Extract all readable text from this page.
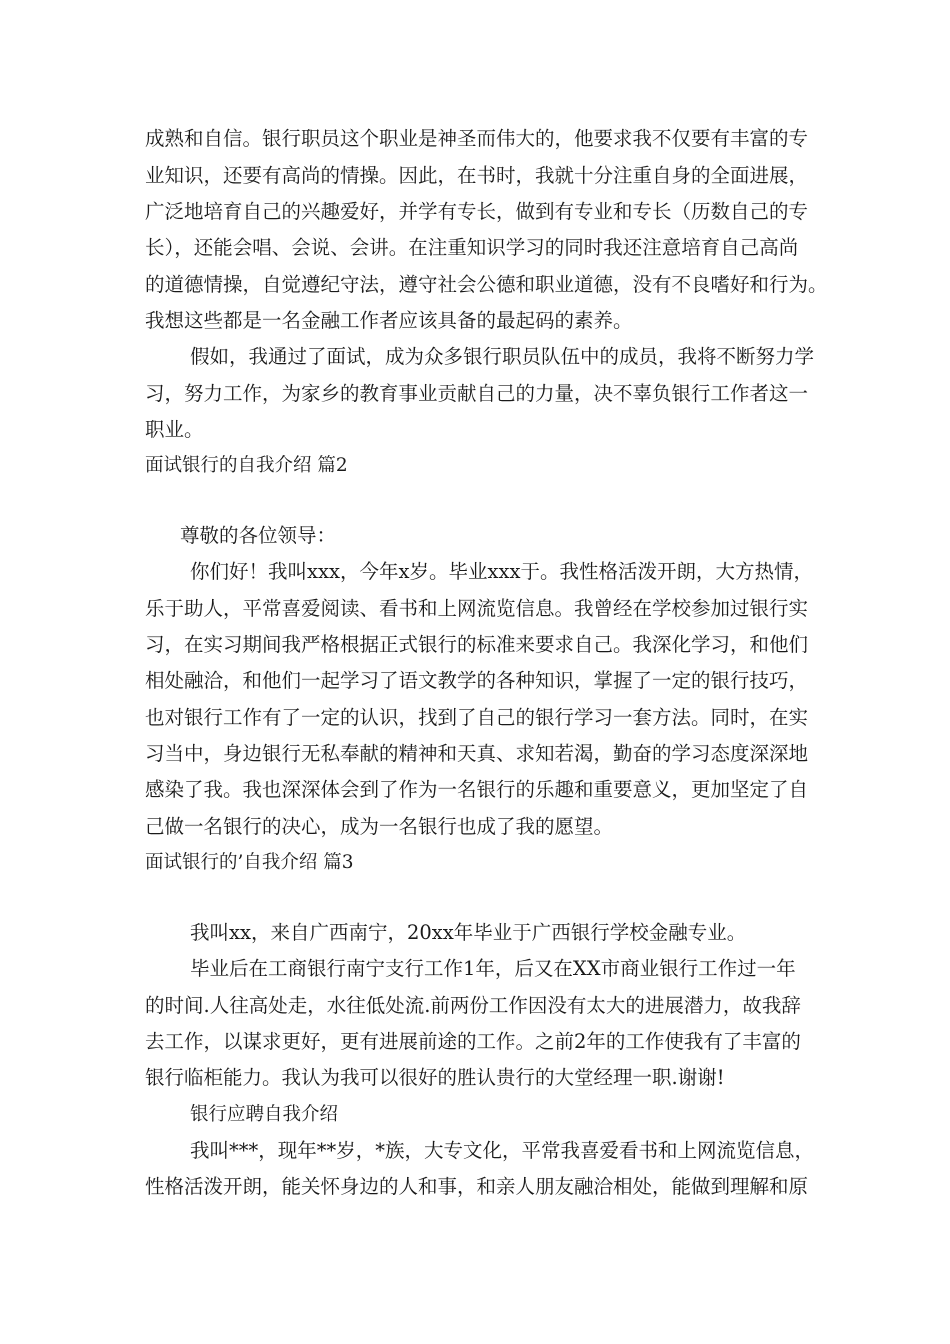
成熟和自信。银行职员这个职业是神圣而伟大的，他要求我不仅要有丰富的专
业知识，还要有高尚的情操。因此，在书时，我就十分注重自身的全面进展，
广泛地培育自己的兴趣爱好，并学有专长，做到有专业和专长（历数自己的专
长），还能会唱、会说、会讲。在注重知识学习的同时我还注意培育自己高尚
的道德情操，自觉遵纪守法，遵守社会公德和职业道德，没有不良嗜好和行为。
我想这些都是一名金融工作者应该具备的最起码的素养。
假如，我通过了面试，成为众多银行职员队伍中的成员，我将不断努力学
习，努力工作，为家乡的教育事业贡献自己的力量，决不辜负银行工作者这一
职业。
面试银行的自我介绍 篇2
尊敬的各位领导：
你们好！我叫xxx，今年x岁。毕业xxx于。我性格活泼开朗，大方热情，
乐于助人，平常喜爱阅读、看书和上网流览信息。我曾经在学校参加过银行实
习，在实习期间我严格根据正式银行的标准来要求自己。我深化学习，和他们
相处融洽，和他们一起学习了语文教学的各种知识，掌握了一定的银行技巧，
也对银行工作有了一定的认识，找到了自己的银行学习一套方法。同时，在实
习当中，身边银行无私奉献的精神和天真、求知若渴，勤奋的学习态度深深地
感染了我。我也深深体会到了作为一名银行的乐趣和重要意义，更加坚定了自
己做一名银行的决心，成为一名银行也成了我的愿望。
面试银行的’自我介绍 篇3
我叫xx，来自广西南宁，20xx年毕业于广西银行学校金融专业。
毕业后在工商银行南宁支行工作1年，后又在XX市商业银行工作过一年
的时间.人往高处走，水往低处流.前两份工作因没有太大的进展潜力，故我辞
去工作，以谋求更好，更有进展前途的工作。之前2年的工作使我有了丰富的
银行临柜能力。我认为我可以很好的胜认贵行的大堂经理一职.谢谢!
银行应聘自我介绍
我叫***，现年**岁，*族，大专文化，平常我喜爱看书和上网流览信息，
性格活泼开朗，能关怀身边的人和事，和亲人朋友融洽相处，能做到理解和原
